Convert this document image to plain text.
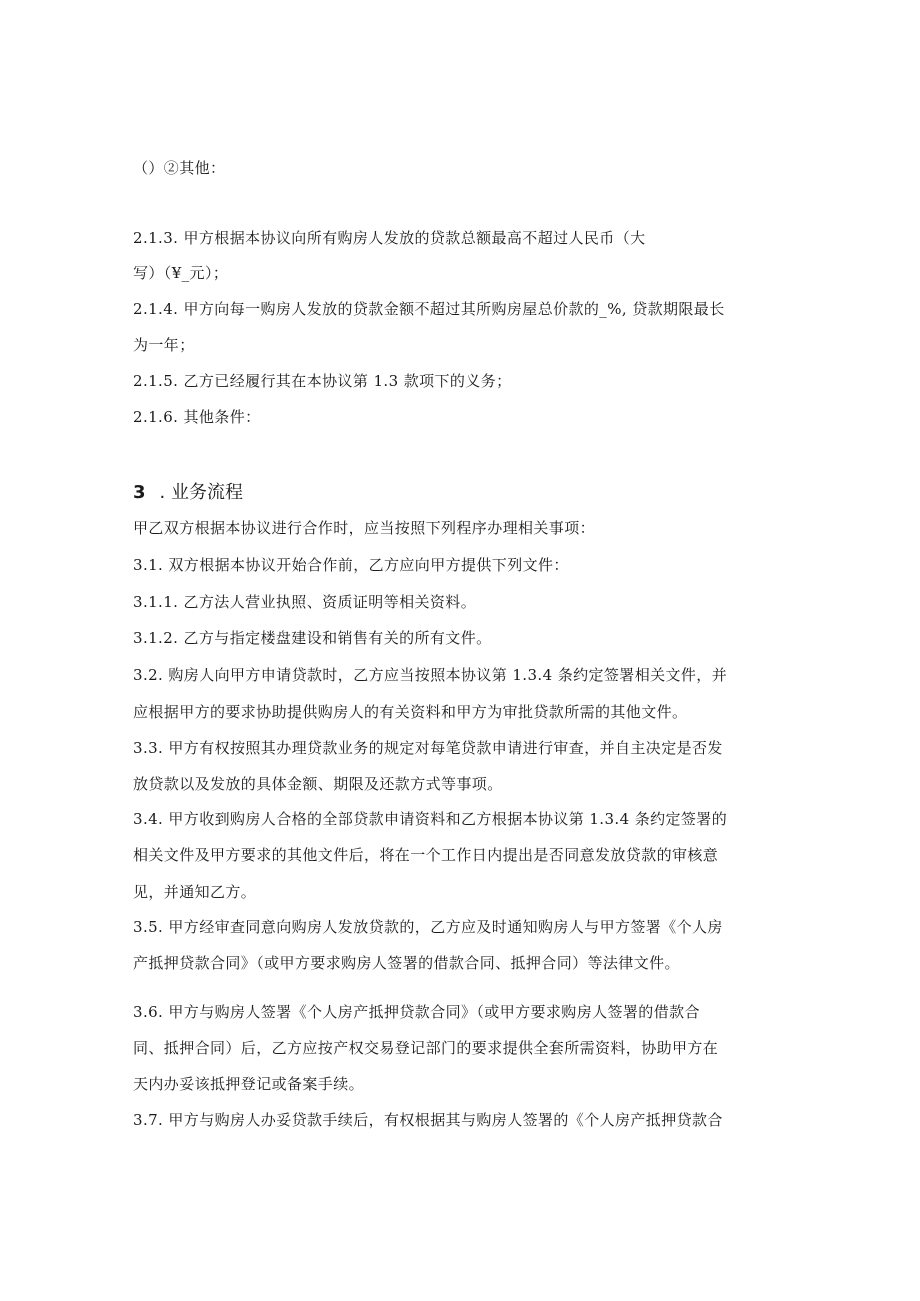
（）②其他：
2.1.3. 甲方根据本协议向所有购房人发放的贷款总额最高不超过人民币（大
写）（¥_元）；
2.1.4. 甲方向每一购房人发放的贷款金额不超过其所购房屋总价款的_%, 贷款期限最长
为一年；
2.1.5. 乙方已经履行其在本协议第 1.3 款项下的义务；
2.1.6. 其他条件：
3 . 业务流程
甲乙双方根据本协议进行合作时，应当按照下列程序办理相关事项：
3.1. 双方根据本协议开始合作前，乙方应向甲方提供下列文件：
3.1.1. 乙方法人营业执照、资质证明等相关资料。
3.1.2. 乙方与指定楼盘建设和销售有关的所有文件。
3.2. 购房人向甲方申请贷款时，乙方应当按照本协议第 1.3.4 条约定签署相关文件，并
应根据甲方的要求协助提供购房人的有关资料和甲方为审批贷款所需的其他文件。
3.3. 甲方有权按照其办理贷款业务的规定对每笔贷款申请进行审查，并自主决定是否发
放贷款以及发放的具体金额、期限及还款方式等事项。
3.4. 甲方收到购房人合格的全部贷款申请资料和乙方根据本协议第 1.3.4 条约定签署的
相关文件及甲方要求的其他文件后，将在一个工作日内提出是否同意发放贷款的审核意
见，并通知乙方。
3.5. 甲方经审查同意向购房人发放贷款的，乙方应及时通知购房人与甲方签署《个人房
产抵押贷款合同》（或甲方要求购房人签署的借款合同、抵押合同）等法律文件。
3.6. 甲方与购房人签署《个人房产抵押贷款合同》（或甲方要求购房人签署的借款合
同、抵押合同）后，乙方应按产权交易登记部门的要求提供全套所需资料，协助甲方在
天内办妥该抵押登记或备案手续。
3.7. 甲方与购房人办妥贷款手续后，有权根据其与购房人签署的《个人房产抵押贷款合
